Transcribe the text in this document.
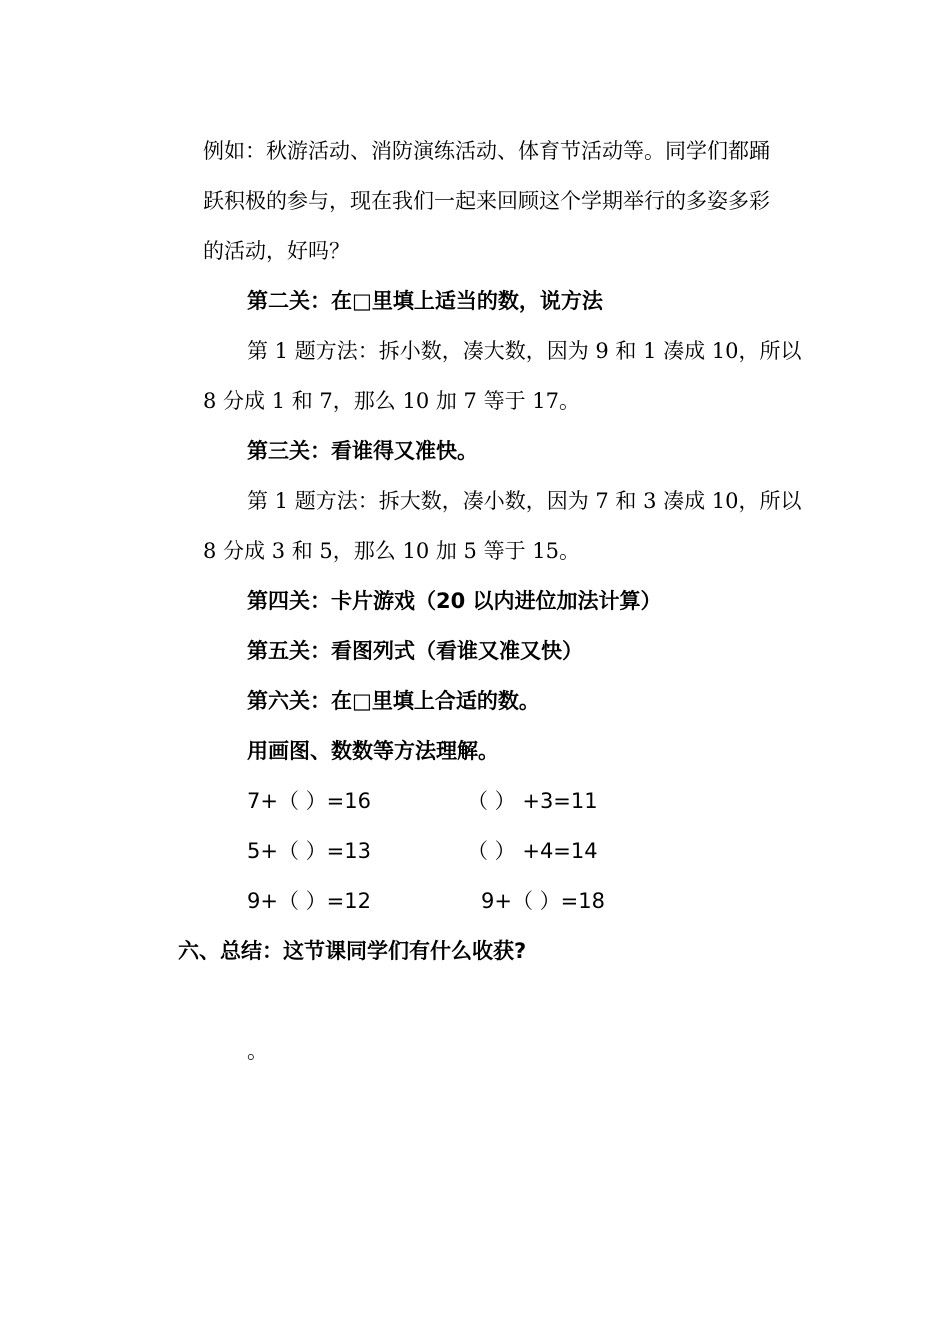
例如：秋游活动、消防演练活动、体育节活动等。同学们都踊
跃积极的参与，现在我们一起来回顾这个学期举行的多姿多彩
的活动，好吗？
第二关：在□里填上适当的数，说方法
第 1 题方法：拆小数，凑大数，因为 9 和 1 凑成 10，所以
8 分成 1 和 7，那么 10 加 7 等于 17。
第三关：看谁得又准快。
第 1 题方法：拆大数，凑小数，因为 7 和 3 凑成 10，所以
8 分成 3 和 5，那么 10 加 5 等于 15。
第四关：卡片游戏（20 以内进位加法计算）
第五关：看图列式（看谁又准又快）
第六关：在□里填上合适的数。
用画图、数数等方法理解。
7+（ ）=16	（ ） +3=11
5+（ ）=13	（ ） +4=14
9+（ ）=12	9+（ ）=18
六、总结：这节课同学们有什么收获?
。
